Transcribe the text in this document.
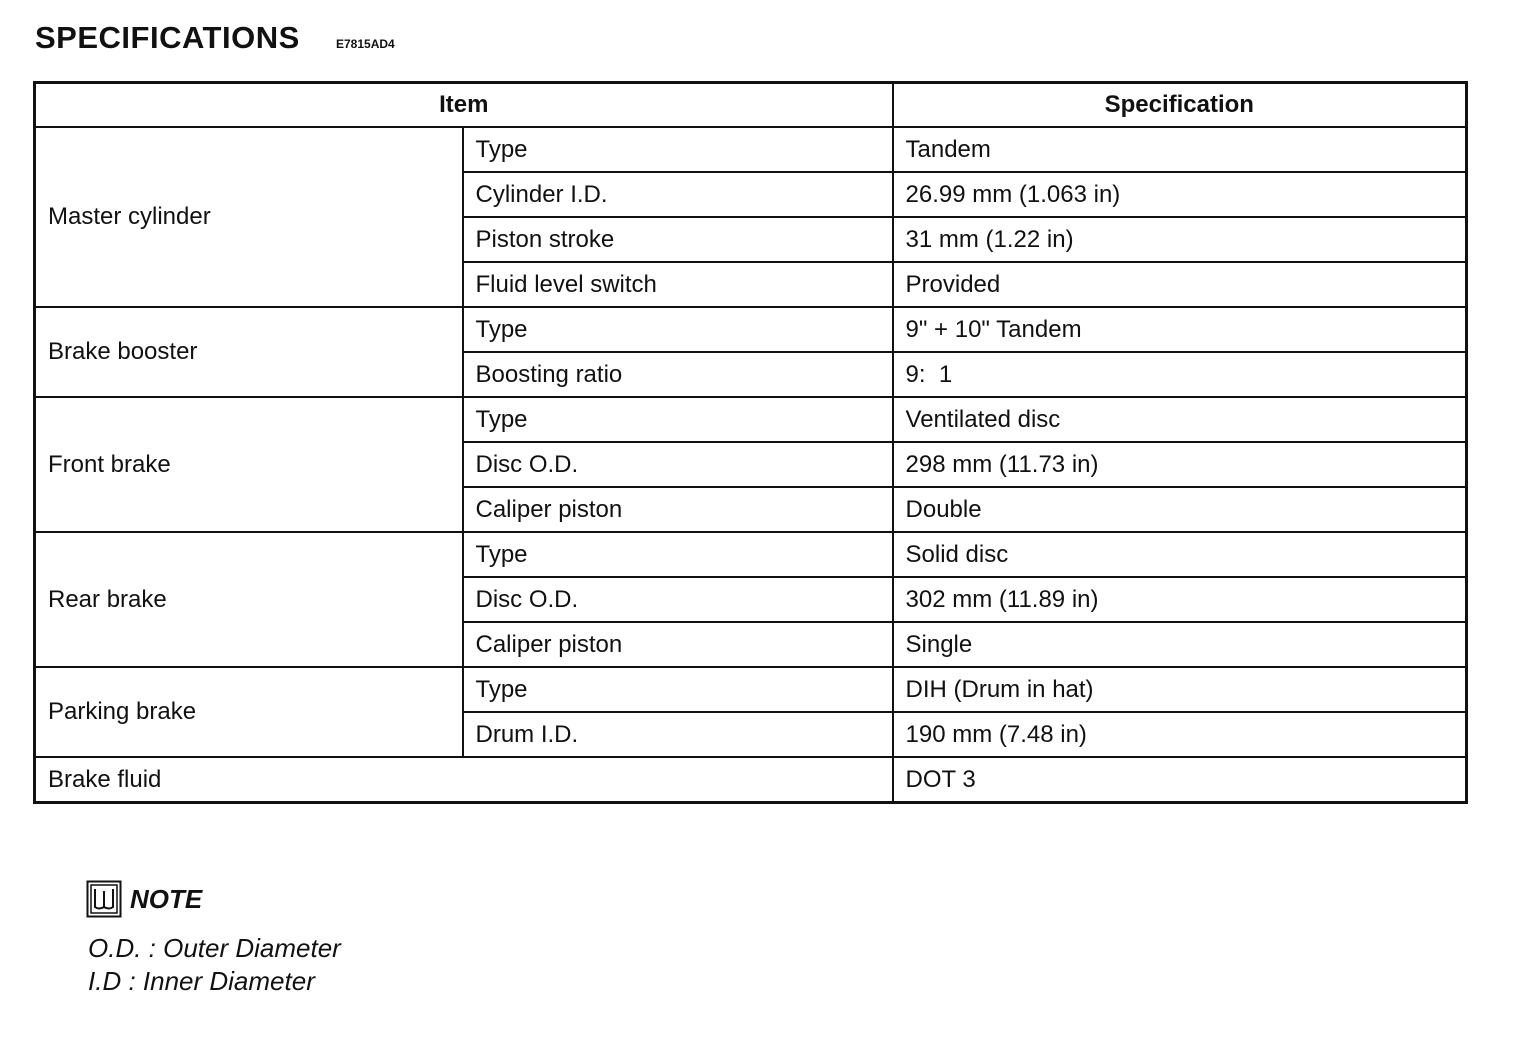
SPECIFICATIONS	E7815AD4
Item		Specification
Master cylinder	Type	Tandem
	Cylinder I.D.	26.99 mm (1.063 in)
	Piston stroke	31 mm (1.22 in)
	Fluid level switch	Provided
Brake booster	Type	9" + 10" Tandem
	Boosting ratio	9:  1
Front brake	Type	Ventilated disc
	Disc O.D.	298 mm (11.73 in)
	Caliper piston	Double
Rear brake	Type	Solid disc
	Disc O.D.	302 mm (11.89 in)
	Caliper piston	Single
Parking brake	Type	DIH (Drum in hat)
	Drum I.D.	190 mm (7.48 in)
Brake fluid		DOT 3
NOTE
O.D. : Outer Diameter
I.D : Inner Diameter
